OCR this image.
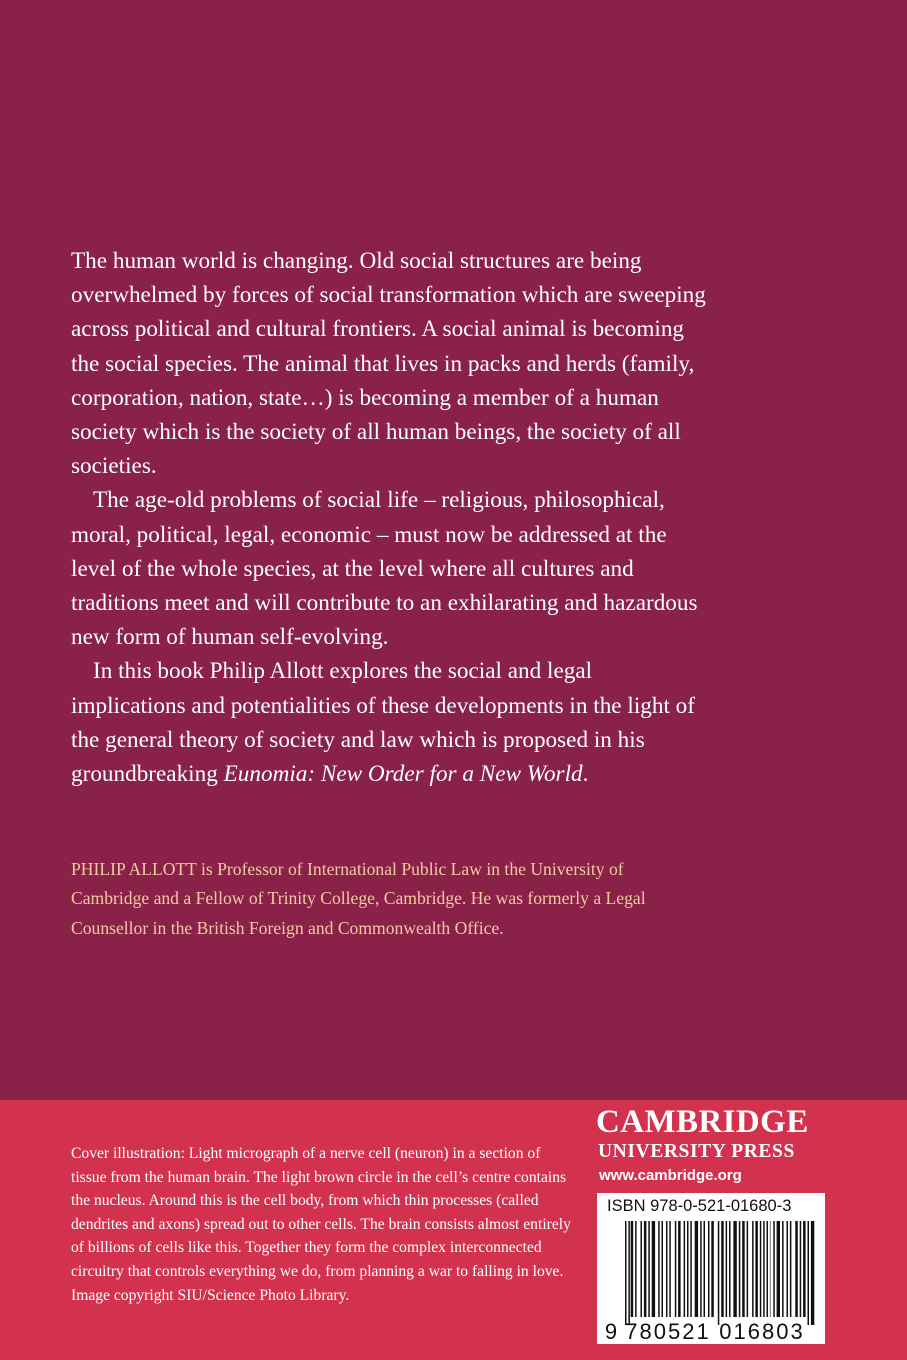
The human world is changing. Old social structures are being overwhelmed by forces of social transformation which are sweeping across political and cultural frontiers. A social animal is becoming the social species. The animal that lives in packs and herds (family, corporation, nation, state…) is becoming a member of a human society which is the society of all human beings, the society of all societies.

The age-old problems of social life – religious, philosophical, moral, political, legal, economic – must now be addressed at the level of the whole species, at the level where all cultures and traditions meet and will contribute to an exhilarating and hazardous new form of human self-evolving.

In this book Philip Allott explores the social and legal implications and potentialities of these developments in the light of the general theory of society and law which is proposed in his groundbreaking Eunomia: New Order for a New World.

PHILIP ALLOTT is Professor of International Public Law in the University of Cambridge and a Fellow of Trinity College, Cambridge. He was formerly a Legal Counsellor in the British Foreign and Commonwealth Office.

Cover illustration: Light micrograph of a nerve cell (neuron) in a section of tissue from the human brain. The light brown circle in the cell’s centre contains the nucleus. Around this is the cell body, from which thin processes (called dendrites and axons) spread out to other cells. The brain consists almost entirely of billions of cells like this. Together they form the complex interconnected circuitry that controls everything we do, from planning a war to falling in love. Image copyright SIU/Science Photo Library.

CAMBRIDGE
UNIVERSITY PRESS
www.cambridge.org
ISBN 978-0-521-01680-3
9 780521 016803
